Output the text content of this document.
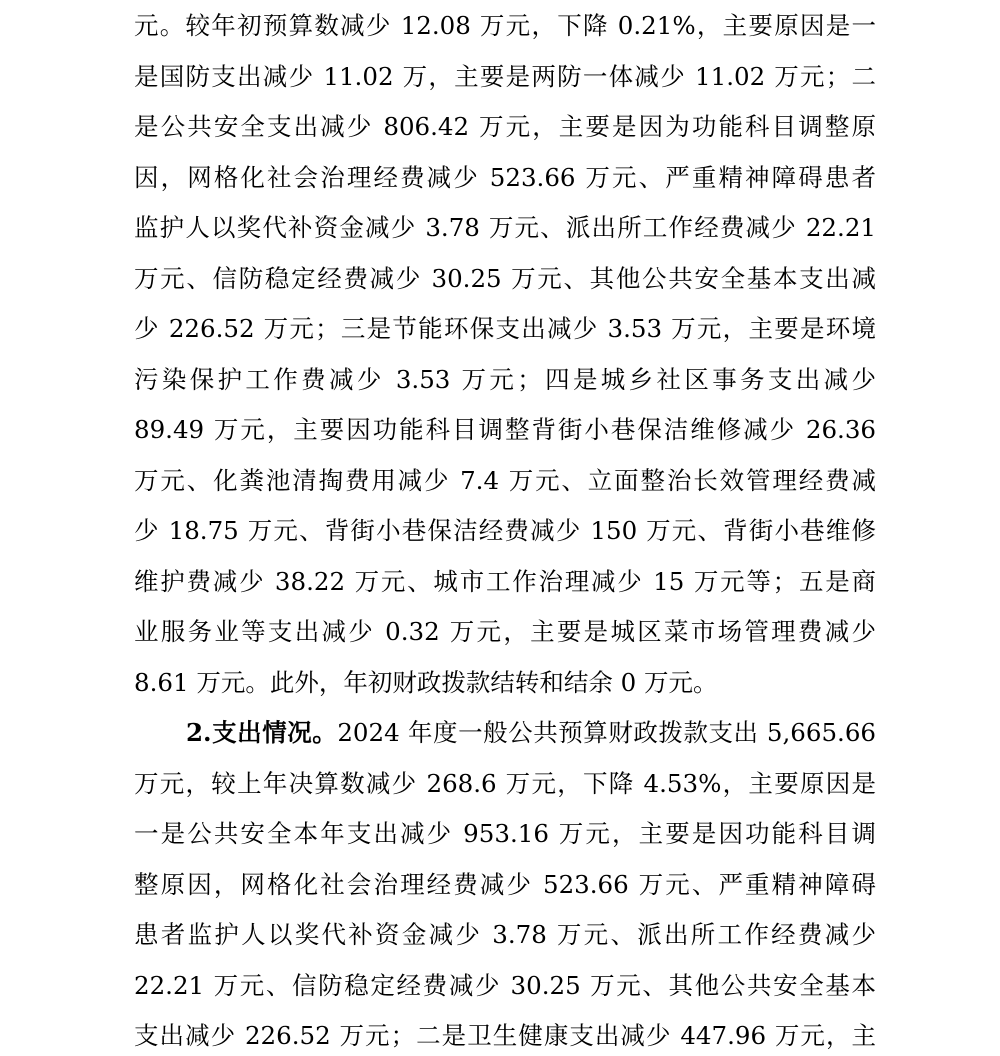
元。较年初预算数减少 12.08 万元，下降 0.21%，主要原因是一
是国防支出减少 11.02 万，主要是两防一体减少 11.02 万元；二
是公共安全支出减少 806.42 万元，主要是因为功能科目调整原
因，网格化社会治理经费减少 523.66 万元、严重精神障碍患者
监护人以奖代补资金减少 3.78 万元、派出所工作经费减少 22.21
万元、信防稳定经费减少 30.25 万元、其他公共安全基本支出减
少 226.52 万元；三是节能环保支出减少 3.53 万元，主要是环境
污染保护工作费减少 3.53 万元；四是城乡社区事务支出减少
89.49 万元，主要因功能科目调整背街小巷保洁维修减少 26.36
万元、化粪池清掏费用减少 7.4 万元、立面整治长效管理经费减
少 18.75 万元、背街小巷保洁经费减少 150 万元、背街小巷维修
维护费减少 38.22 万元、城市工作治理减少 15 万元等；五是商
业服务业等支出减少 0.32 万元，主要是城区菜市场管理费减少
8.61 万元。此外，年初财政拨款结转和结余 0 万元。
2.支出情况。2024 年度一般公共预算财政拨款支出 5,665.66
万元，较上年决算数减少 268.6 万元，下降 4.53%，主要原因是
一是公共安全本年支出减少 953.16 万元，主要是因功能科目调
整原因，网格化社会治理经费减少 523.66 万元、严重精神障碍
患者监护人以奖代补资金减少 3.78 万元、派出所工作经费减少
22.21 万元、信防稳定经费减少 30.25 万元、其他公共安全基本
支出减少 226.52 万元；二是卫生健康支出减少 447.96 万元，主
